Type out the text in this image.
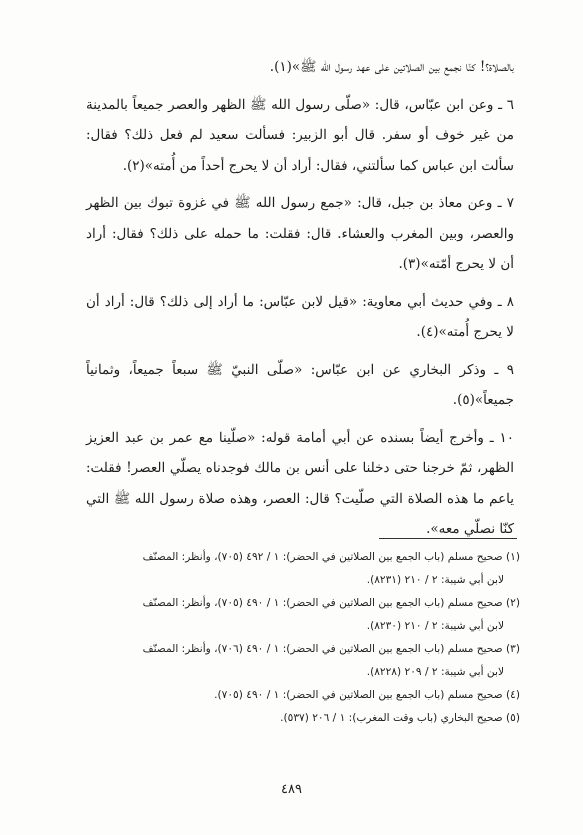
بالصلاة؟! كنّا نجمع بين الصلاتين على عهد رسول الله ﷺ»(١).

٦ ـ وعن ابن عبّاس، قال: «صلّى رسول الله ﷺ الظهر والعصر جميعاً بالمدينة من غير خوف أو سفر. قال أبو الزبير: فسألت سعيد لم فعل ذلك؟ فقال: سألت ابن عباس كما سألتني، فقال: أراد أن لا يحرج أحداً من أُمته»(٢).

٧ ـ وعن معاذ بن جبل، قال: «جمع رسول الله ﷺ في غزوة تبوك بين الظهر والعصر، وبين المغرب والعشاء. قال: فقلت: ما حمله على ذلك؟ فقال: أراد أن لا يحرج أمّته»(٣).

٨ ـ وفي حديث أبي معاوية: «قيل لابن عبّاس: ما أراد إلى ذلك؟ قال: أراد أن لا يحرج أُمته»(٤).

٩ ـ وذكر البخاري عن ابن عبّاس: «صلّى النبيّ ﷺ سبعاً جميعاً، وثمانياً جميعاً»(٥).

١٠ ـ وأخرج أيضاً بسنده عن أبي أمامة قوله: «صلّينا مع عمر بن عبد العزيز الظهر، ثمّ خرجنا حتى دخلنا على أنس بن مالك فوجدناه يصلّي العصر! فقلت: ياعم ما هذه الصلاة التي صلّيت؟ قال: العصر، وهذه صلاة رسول الله ﷺ التي كنّا نصلّي معه».

(١) صحيح مسلم (باب الجمع بين الصلاتين في الحضر): ١ / ٤٩٢ (٧٠٥)، وأنظر: المصنّف
لابن أبي شيبة: ٢ / ٢١٠ (٨٢٣١).

(٢) صحيح مسلم (باب الجمع بين الصلاتين في الحضر): ١ / ٤٩٠ (٧٠٥)، وأنظر: المصنّف
لابن أبي شيبة: ٢ / ٢١٠ (٨٢٣٠).

(٣) صحيح مسلم (باب الجمع بين الصلاتين في الحضر): ١ / ٤٩٠ (٧٠٦)، وأنظر: المصنّف
لابن أبي شيبة: ٢ / ٢٠٩ (٨٢٢٨).

(٤) صحيح مسلم (باب الجمع بين الصلاتين في الحضر): ١ / ٤٩٠ (٧٠٥).

(٥) صحيح البخاري (باب وقت المغرب): ١ / ٢٠٦ (٥٣٧).

٤٨٩
